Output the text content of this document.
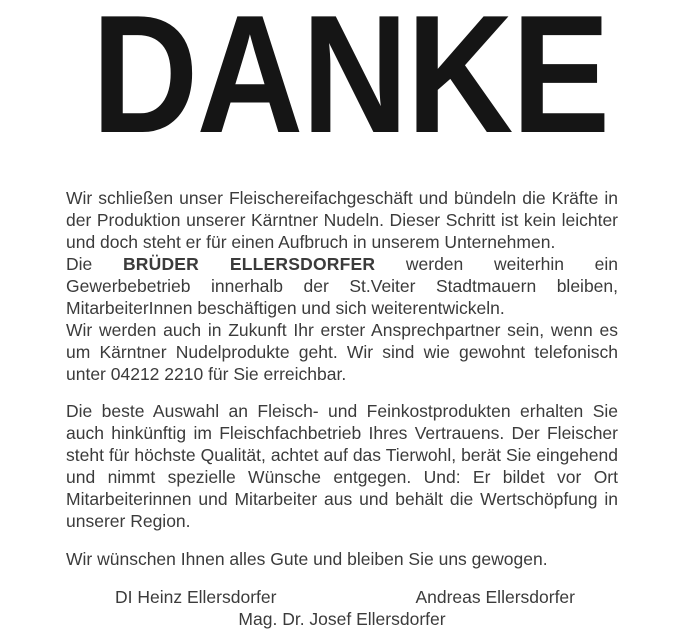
DANKE

Wir schließen unser Fleischereifachgeschäft und bündeln die Kräfte in der Produktion unserer Kärntner Nudeln. Dieser Schritt ist kein leichter und doch steht er für einen Aufbruch in unserem Unternehmen.

Die BRÜDER ELLERSDORFER werden weiterhin ein Gewerbebetrieb innerhalb der St.Veiter Stadtmauern bleiben, MitarbeiterInnen beschäftigen und sich weiterentwickeln.

Wir werden auch in Zukunft Ihr erster Ansprechpartner sein, wenn es um Kärntner Nudelprodukte geht. Wir sind wie gewohnt telefonisch unter 04212 2210 für Sie erreichbar.

Die beste Auswahl an Fleisch- und Feinkostprodukten erhalten Sie auch hinkünftig im Fleischfachbetrieb Ihres Vertrauens. Der Fleischer steht für höchste Qualität, achtet auf das Tierwohl, berät Sie eingehend und nimmt spezielle Wünsche entgegen. Und: Er bildet vor Ort Mitarbeiterinnen und Mitarbeiter aus und behält die Wertschöpfung in unserer Region.

Wir wünschen Ihnen alles Gute und bleiben Sie uns gewogen.

DI Heinz Ellersdorfer	Andreas Ellersdorfer
Mag. Dr. Josef Ellersdorfer
